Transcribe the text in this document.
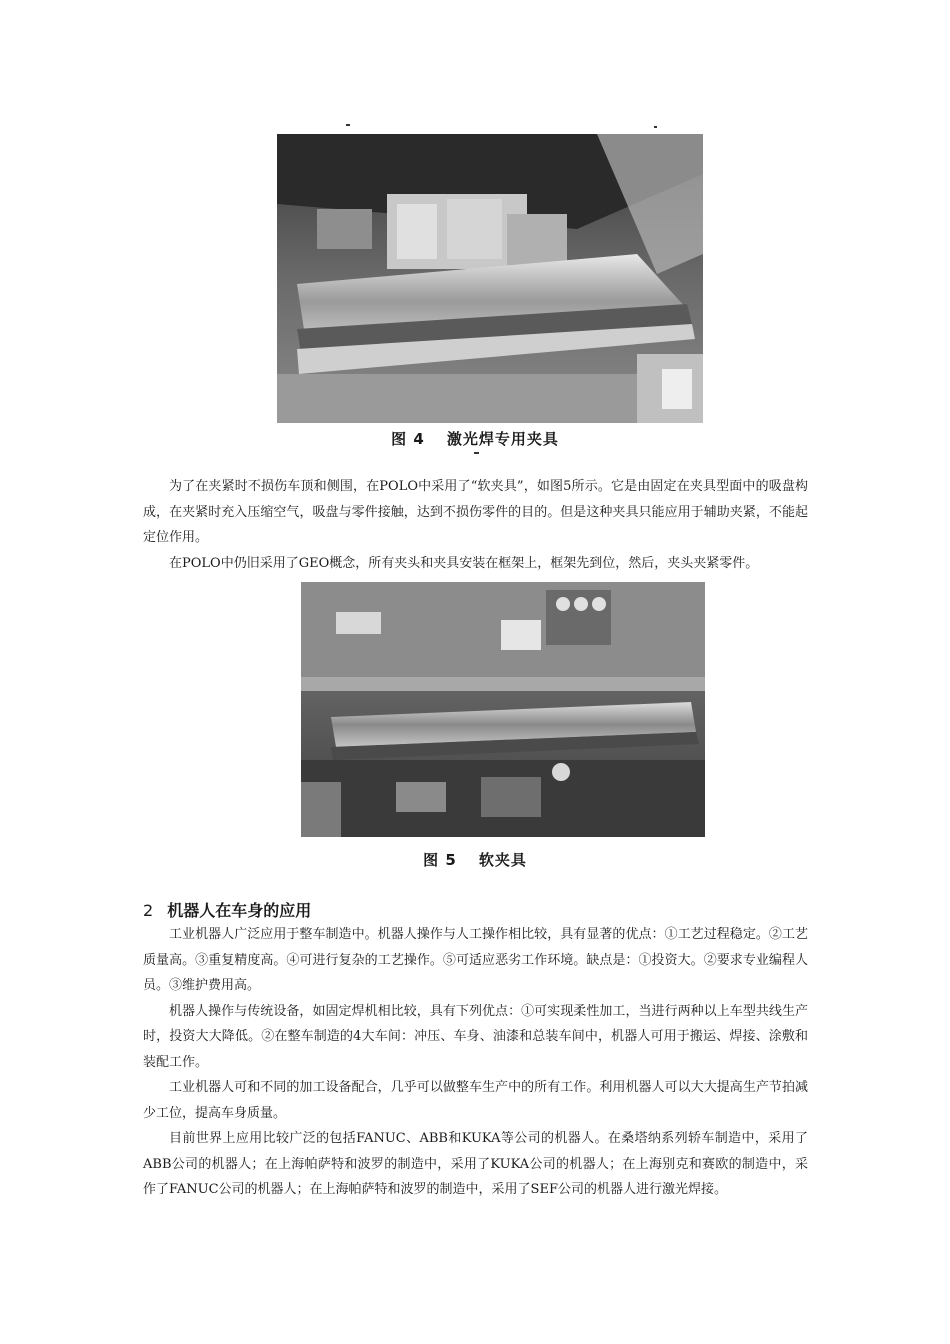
图 4 激光焊专用夹具

为了在夹紧时不损伤车顶和侧围，在POLO中采用了“软夹具”，如图5所示。它是由固定在夹具型面中的吸盘构成，在夹紧时充入压缩空气，吸盘与零件接触，达到不损伤零件的目的。但是这种夹具只能应用于辅助夹紧，不能起定位作用。

在POLO中仍旧采用了GEO概念，所有夹头和夹具安装在框架上，框架先到位，然后，夹头夹紧零件。

图 5 软夹具
2 机器人在车身的应用

工业机器人广泛应用于整车制造中。机器人操作与人工操作相比较，具有显著的优点：①工艺过程稳定。②工艺质量高。③重复精度高。④可进行复杂的工艺操作。⑤可适应恶劣工作环境。缺点是：①投资大。②要求专业编程人员。③维护费用高。

机器人操作与传统设备，如固定焊机相比较，具有下列优点：①可实现柔性加工，当进行两种以上车型共线生产时，投资大大降低。②在整车制造的4大车间：冲压、车身、油漆和总装车间中，机器人可用于搬运、焊接、涂敷和装配工作。

工业机器人可和不同的加工设备配合，几乎可以做整车生产中的所有工作。利用机器人可以大大提高生产节拍减少工位，提高车身质量。

目前世界上应用比较广泛的包括FANUC、ABB和KUKA等公司的机器人。在桑塔纳系列轿车制造中，采用了ABB公司的机器人；在上海帕萨特和波罗的制造中，采用了KUKA公司的机器人；在上海别克和赛欧的制造中，采作了FANUC公司的机器人；在上海帕萨特和波罗的制造中，采用了SEF公司的机器人进行激光焊接。
